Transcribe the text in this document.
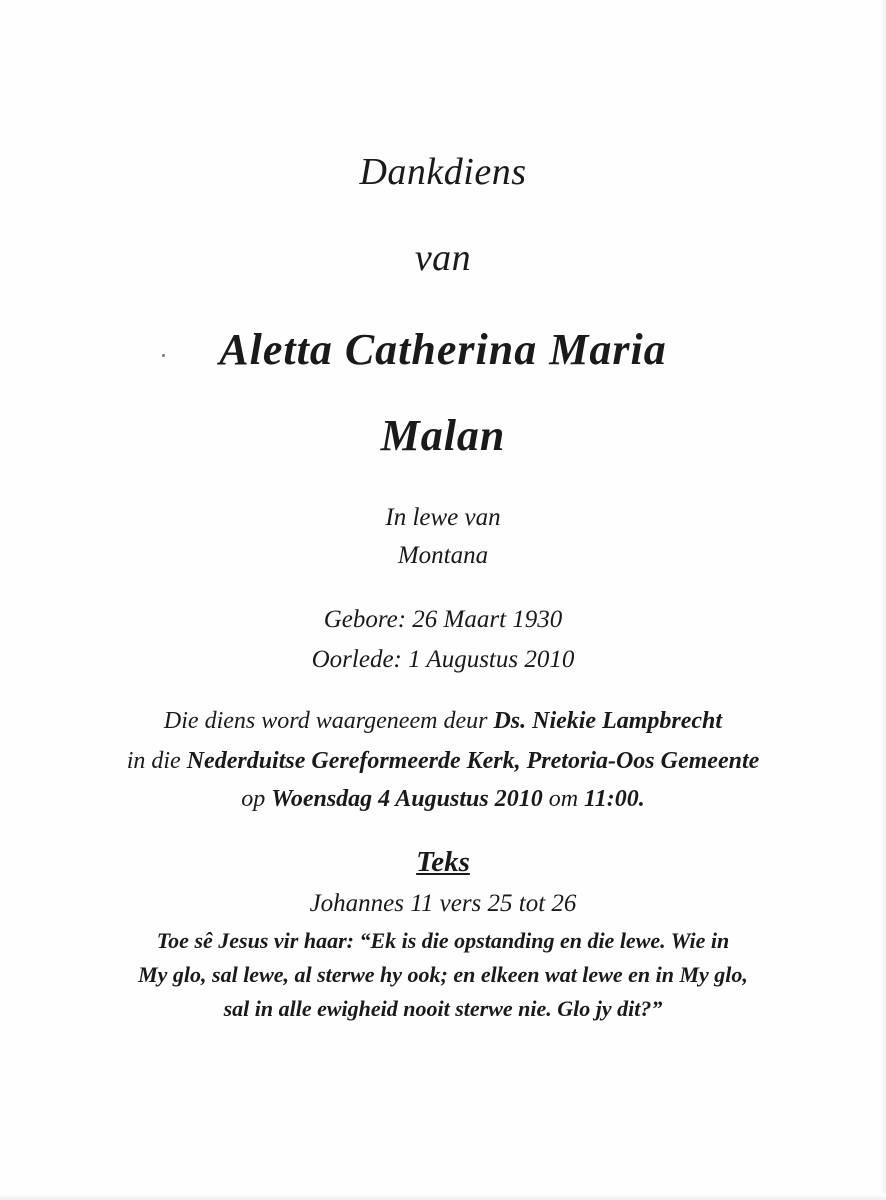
Dankdiens
van
Aletta Catherina Maria
Malan
In lewe van
Montana
Gebore: 26 Maart 1930
Oorlede: 1 Augustus 2010
Die diens word waargeneem deur Ds. Niekie Lampbrecht
in die Nederduitse Gereformeerde Kerk, Pretoria-Oos Gemeente
op Woensdag 4 Augustus 2010 om 11:00.
Teks
Johannes 11 vers 25 tot 26
Toe sê Jesus vir haar: “Ek is die opstanding en die lewe. Wie in
My glo, sal lewe, al sterwe hy ook; en elkeen wat lewe en in My glo,
sal in alle ewigheid nooit sterwe nie. Glo jy dit?”
